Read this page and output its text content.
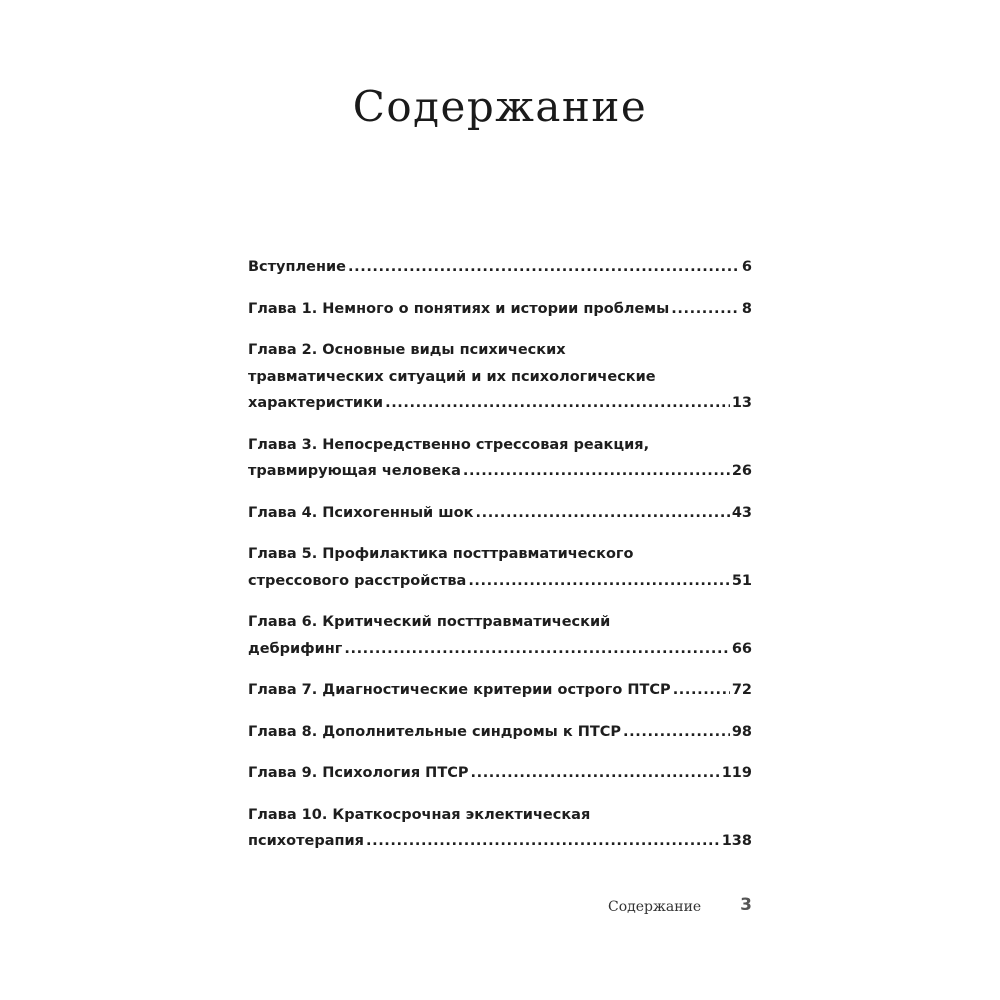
Содержание
Вступление .....	6
Глава 1. Немного о понятиях и истории проблемы .....	8
Глава 2. Основные виды психических
травматических ситуаций и их психологические
характеристики .....	13
Глава 3. Непосредственно стрессовая реакция,
травмирующая человека .....	26
Глава 4. Психогенный шок .....	43
Глава 5. Профилактика посттравматического
стрессового расстройства .....	51
Глава 6. Критический посттравматический
дебрифинг .....	66
Глава 7. Диагностические критерии острого ПТСР .....	72
Глава 8. Дополнительные синдромы к ПТСР .....	98
Глава 9. Психология ПТСР .....	119
Глава 10. Краткосрочная эклектическая
психотерапия .....	138
Содержание 3
